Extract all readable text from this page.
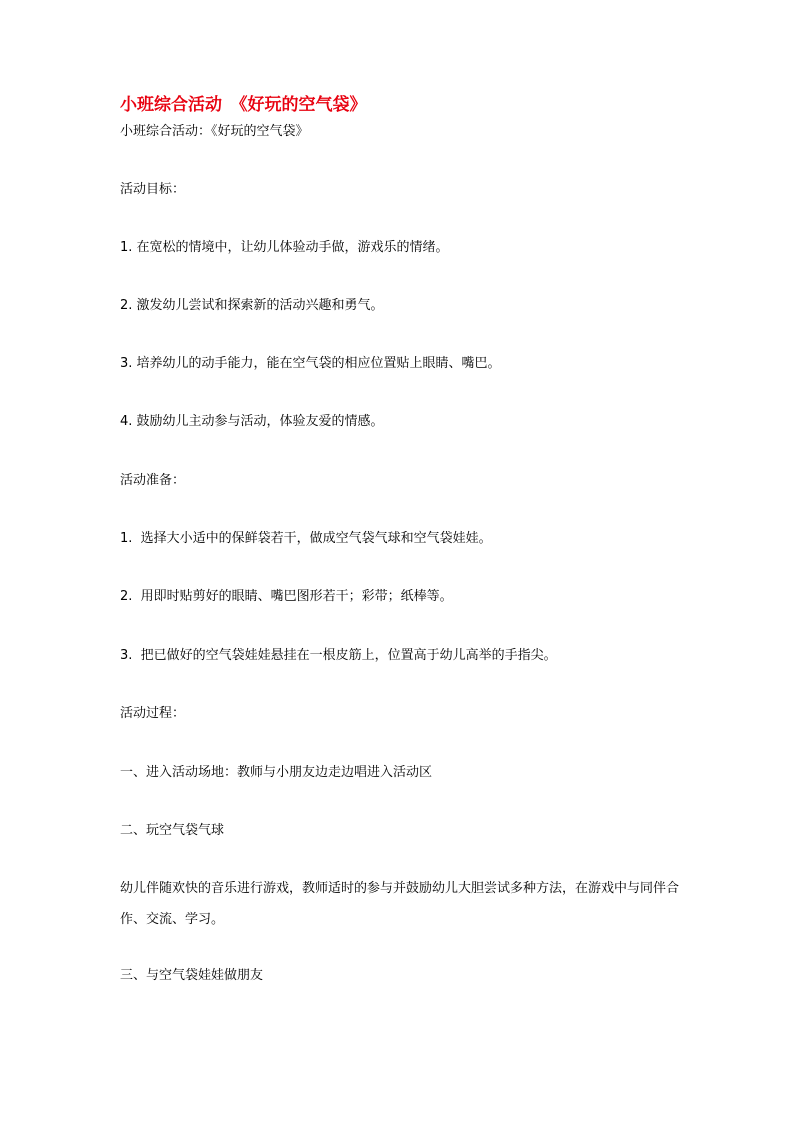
小班综合活动　《好玩的空气袋》
小班综合活动：《好玩的空气袋》
活动目标：
1. 在宽松的情境中，让幼儿体验动手做，游戏乐的情绪。
2. 激发幼儿尝试和探索新的活动兴趣和勇气。
3. 培养幼儿的动手能力，能在空气袋的相应位置贴上眼睛、嘴巴。
4. 鼓励幼儿主动参与活动，体验友爱的情感。
活动准备：
1.  选择大小适中的保鲜袋若干，做成空气袋气球和空气袋娃娃。
2.  用即时贴剪好的眼睛、嘴巴图形若干；彩带；纸棒等。
3.  把已做好的空气袋娃娃悬挂在一根皮筋上，位置高于幼儿高举的手指尖。
活动过程：
一、进入活动场地：教师与小朋友边走边唱进入活动区
二、玩空气袋气球
幼儿伴随欢快的音乐进行游戏，教师适时的参与并鼓励幼儿大胆尝试多种方法，在游戏中与同伴合作、交流、学习。
三、与空气袋娃娃做朋友
